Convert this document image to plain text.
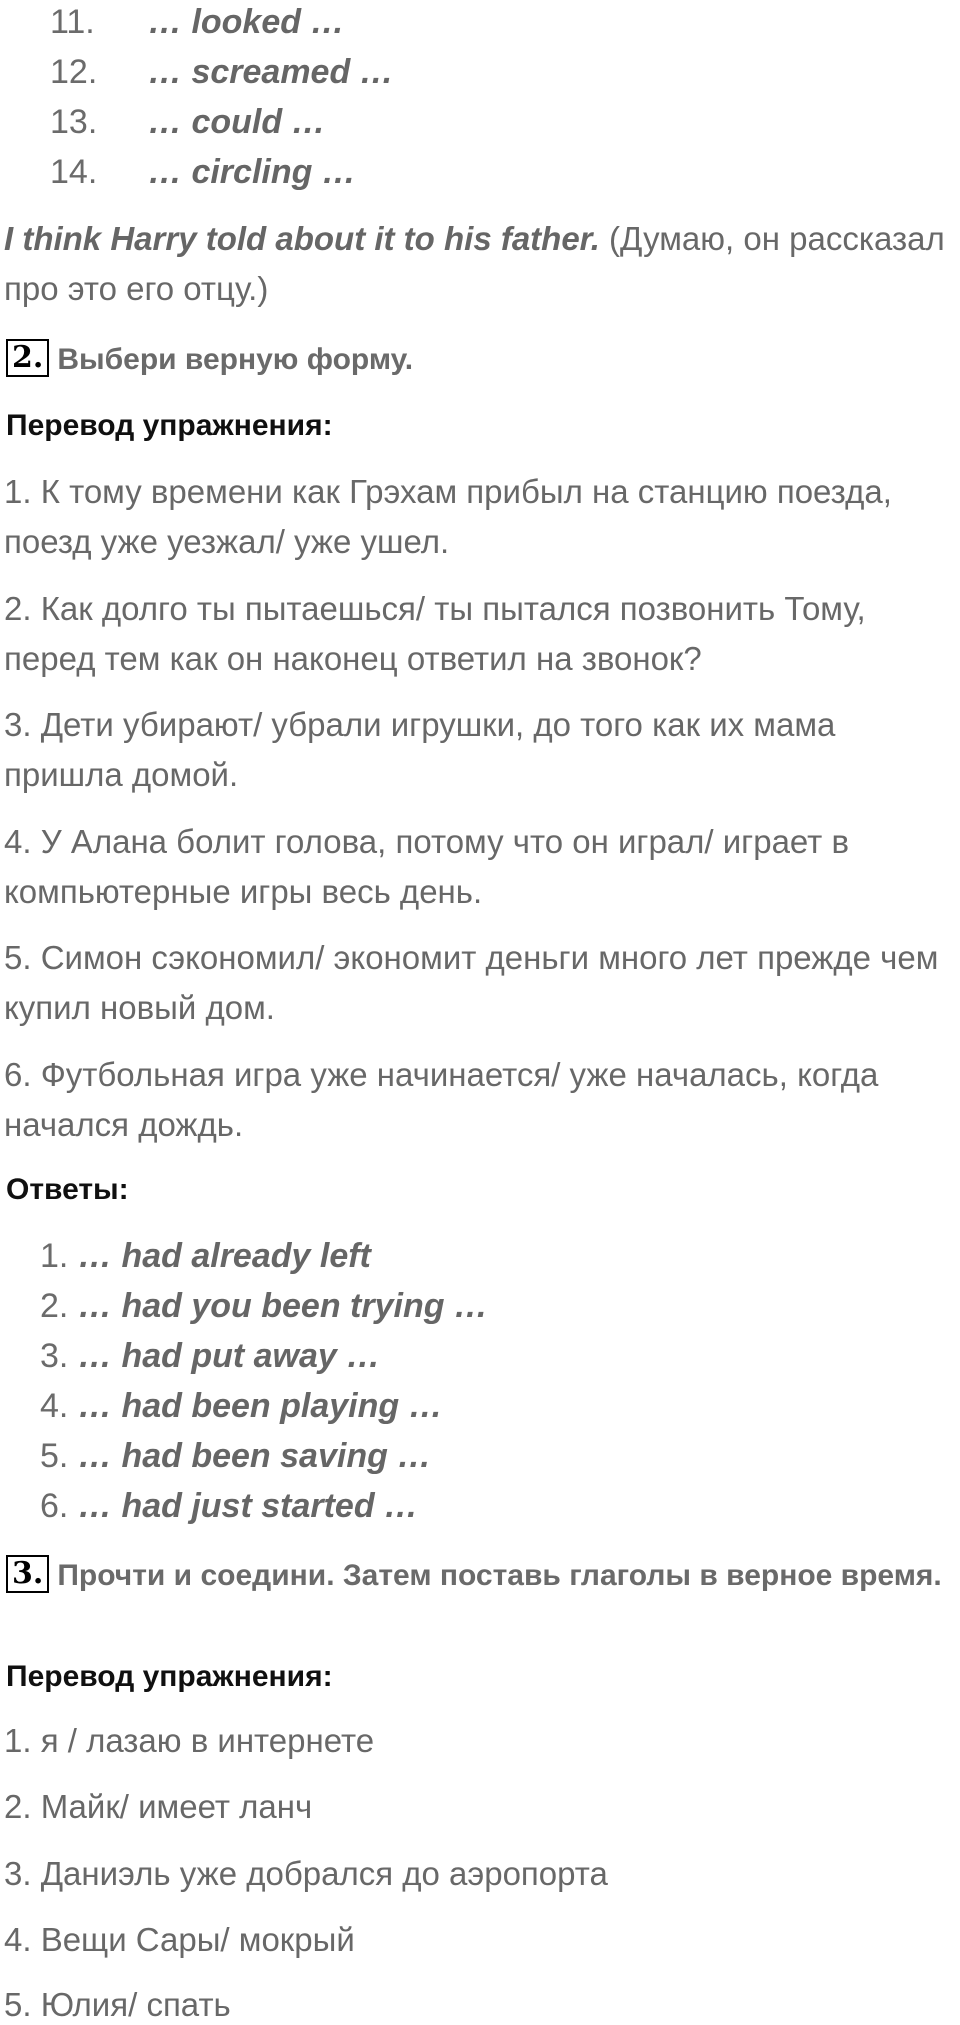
11. … looked …
12. … screamed …
13. … could …
14. … circling …
I think Harry told about it to his father. (Думаю, он рассказал про это его отцу.)
2. Выбери верную форму.
Перевод упражнения:
1. К тому времени как Грэхам прибыл на станцию поезда, поезд уже уезжал/ уже ушел.
2. Как долго ты пытаешься/ ты пытался позвонить Тому, перед тем как он наконец ответил на звонок?
3. Дети убирают/ убрали игрушки, до того как их мама пришла домой.
4. У Алана болит голова, потому что он играл/ играет в компьютерные игры весь день.
5. Симон сэкономил/ экономит деньги много лет прежде чем купил новый дом.
6. Футбольная игра уже начинается/ уже началась, когда начался дождь.
Ответы:
1. … had already left
2. … had you been trying …
3. … had put away …
4. … had been playing …
5. … had been saving …
6. … had just started …
3. Прочти и соедини. Затем поставь глаголы в верное время.
Перевод упражнения:
1. я / лазаю в интернете
2. Майк/ имеет ланч
3. Даниэль уже добрался до аэропорта
4. Вещи Сары/ мокрый
5. Юлия/ спать
